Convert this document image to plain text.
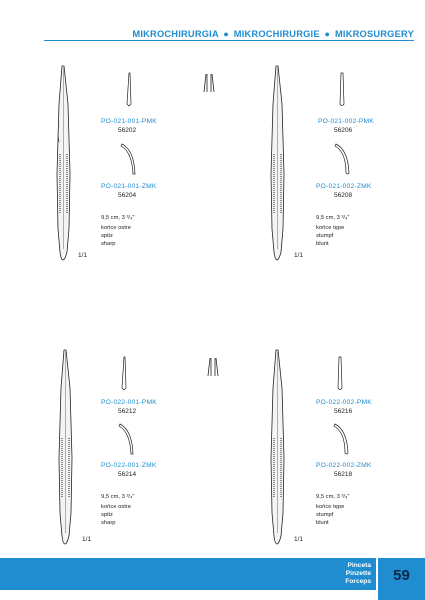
MIKROCHIRURGIA ● MIKROCHIRURGIE ● MIKROSURGERY
PO-021-001-PMK
56202
PO-021-001-ZMK
56204
9,5 cm, 3 ³/₄"
końce ostre
spitz
sharp
1/1
PO-021-002-PMK
56206
PO-021-002-ZMK
56208
9,5 cm, 3 ³/₄"
końce tępe
stumpf
blunt
1/1
PO-022-001-PMK
56212
PO-022-001-ZMK
56214
9,5 cm, 3 ³/₄"
końce ostre
spitz
sharp
1/1
PO-022-002-PMK
56216
PO-022-002-ZMK
56218
9,5 cm, 3 ³/₄"
końce tępe
stumpf
blunt
1/1
Pinceta
Pinzette
Forceps	59
